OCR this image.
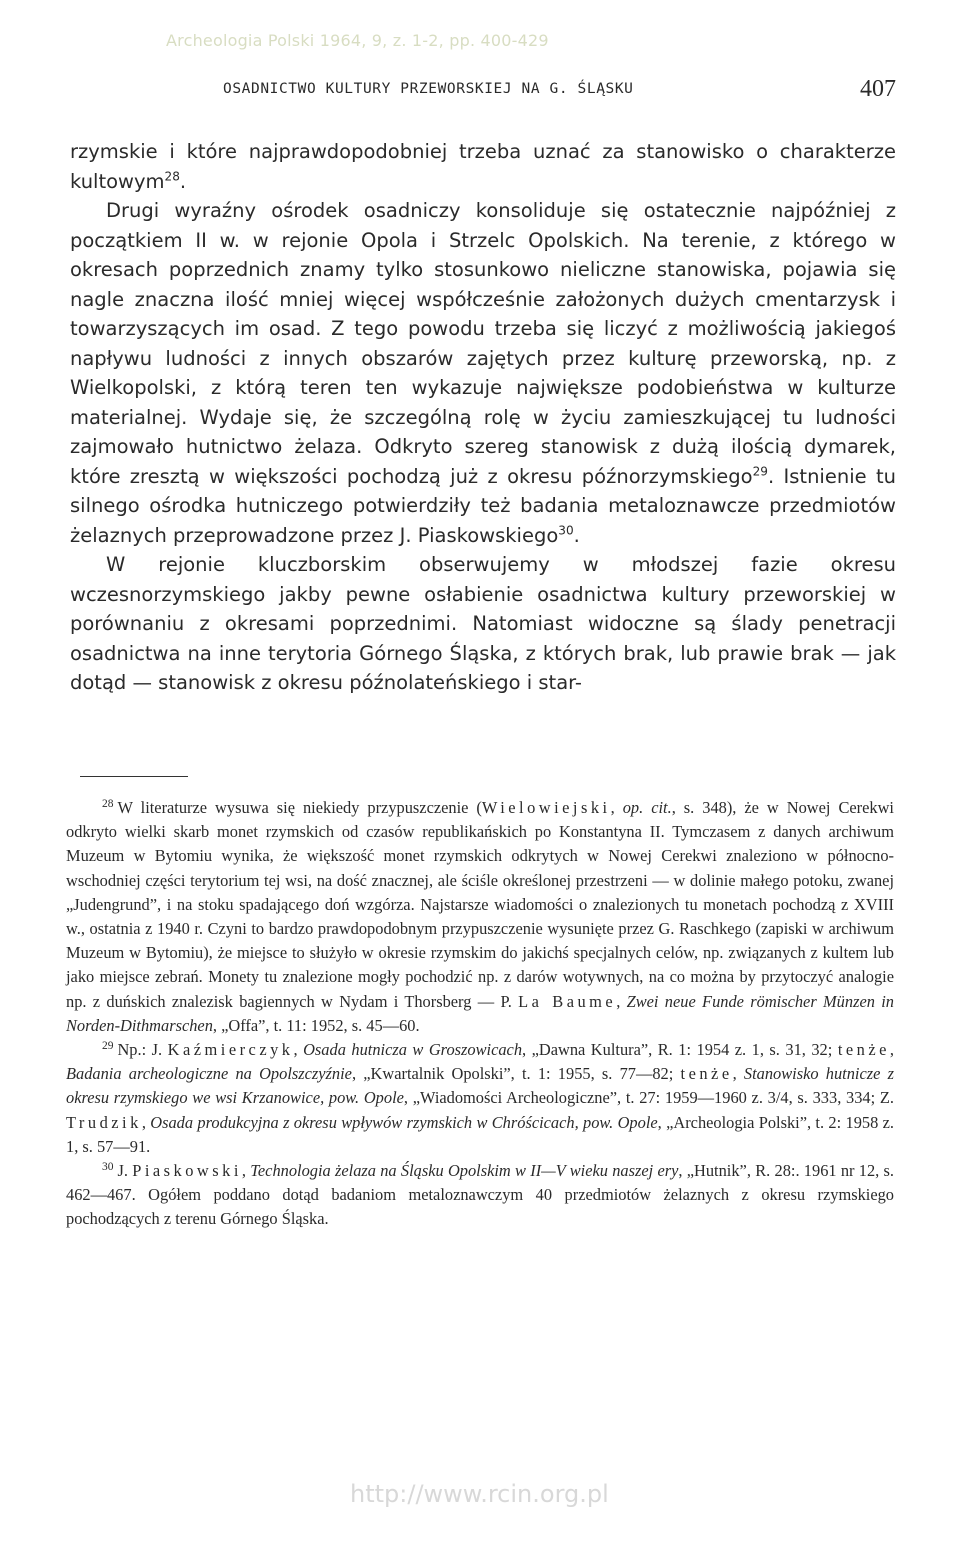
Archeologia Polski 1964, 9, z. 1-2, pp. 400-429
OSADNICTWO KULTURY PRZEWORSKIEJ NA G. ŚLĄSKU	407

rzymskie i które najprawdopodobniej trzeba uznać za stanowisko o charakterze kultowym$^{28}$.

Drugi wyraźny ośrodek osadniczy konsoliduje się ostatecznie najpóźniej z początkiem II w. w rejonie Opola i Strzelc Opolskich. Na terenie, z którego w okresach poprzednich znamy tylko stosunkowo nieliczne stanowiska, pojawia się nagle znaczna ilość mniej więcej współcześnie założonych dużych cmentarzysk i towarzyszących im osad. Z tego powodu trzeba się liczyć z możliwością jakiegoś napływu ludności z innych obszarów zajętych przez kulturę przeworską, np. z Wielkopolski, z którą teren ten wykazuje największe podobieństwa w kulturze materialnej. Wydaje się, że szczególną rolę w życiu zamieszkującej tu ludności zajmowało hutnictwo żelaza. Odkryto szereg stanowisk z dużą ilością dymarek, które zresztą w większości pochodzą już z okresu późnorzymskiego$^{29}$. Istnienie tu silnego ośrodka hutniczego potwierdziły też badania metaloznawcze przedmiotów żelaznych przeprowadzone przez J. Piaskowskiego$^{30}$.

W rejonie kluczborskim obserwujemy w młodszej fazie okresu wczesnorzymskiego jakby pewne osłabienie osadnictwa kultury przeworskiej w porównaniu z okresami poprzednimi. Natomiast widoczne są ślady penetracji osadnictwa na inne terytoria Górnego Śląska, z których brak, lub prawie brak — jak dotąd — stanowisk z okresu późnolateńskiego i star-

$^{28}$ W literaturze wysuwa się niekiedy przypuszczenie (Wielowiejski, op. cit., s. 348), że w Nowej Cerekwi odkryto wielki skarb monet rzymskich od czasów republikańskich po Konstantyna II. Tymczasem z danych archiwum Muzeum w Bytomiu wynika, że większość monet rzymskich odkrytych w Nowej Cerekwi znaleziono w północno-wschodniej części terytorium tej wsi, na dość znacznej, ale ściśle określonej przestrzeni — w dolinie małego potoku, zwanej „Judengrund”, i na stoku spadającego doń wzgórza. Najstarsze wiadomości o znalezionych tu monetach pochodzą z XVIII w., ostatnia z 1940 r. Czyni to bardzo prawdopodobnym przypuszczenie wysunięte przez G. Raschkego (zapiski w archiwum Muzeum w Bytomiu), że miejsce to służyło w okresie rzymskim do jakichś specjalnych celów, np. związanych z kultem lub jako miejsce zebrań. Monety tu znalezione mogły pochodzić np. z darów wotywnych, na co można by przytoczyć analogie np. z duńskich znalezisk bagiennych w Nydam i Thorsberg — P. La Baume, Zwei neue Funde römischer Münzen in Norden-Dithmarschen, „Offa”, t. 11: 1952, s. 45—60.

$^{29}$ Np.: J. Kaźmierczyk, Osada hutnicza w Groszowicach, „Dawna Kultura”, R. 1: 1954 z. 1, s. 31, 32; tenże, Badania archeologiczne na Opolszczyźnie, „Kwartalnik Opolski”, t. 1: 1955, s. 77—82; tenże, Stanowisko hutnicze z okresu rzymskiego we wsi Krzanowice, pow. Opole, „Wiadomości Archeologiczne”, t. 27: 1959—1960 z. 3/4, s. 333, 334; Z. Trudzik, Osada produkcyjna z okresu wpływów rzymskich w Chróścicach, pow. Opole, „Archeologia Polski”, t. 2: 1958 z. 1, s. 57—91.

$^{30}$ J. Piaskowski, Technologia żelaza na Śląsku Opolskim w II—V wieku naszej ery, „Hutnik”, R. 28:. 1961 nr 12, s. 462—467. Ogółem poddano dotąd badaniom metaloznawczym 40 przedmiotów żelaznych z okresu rzymskiego pochodzących z terenu Górnego Śląska.

http://www.rcin.org.pl
